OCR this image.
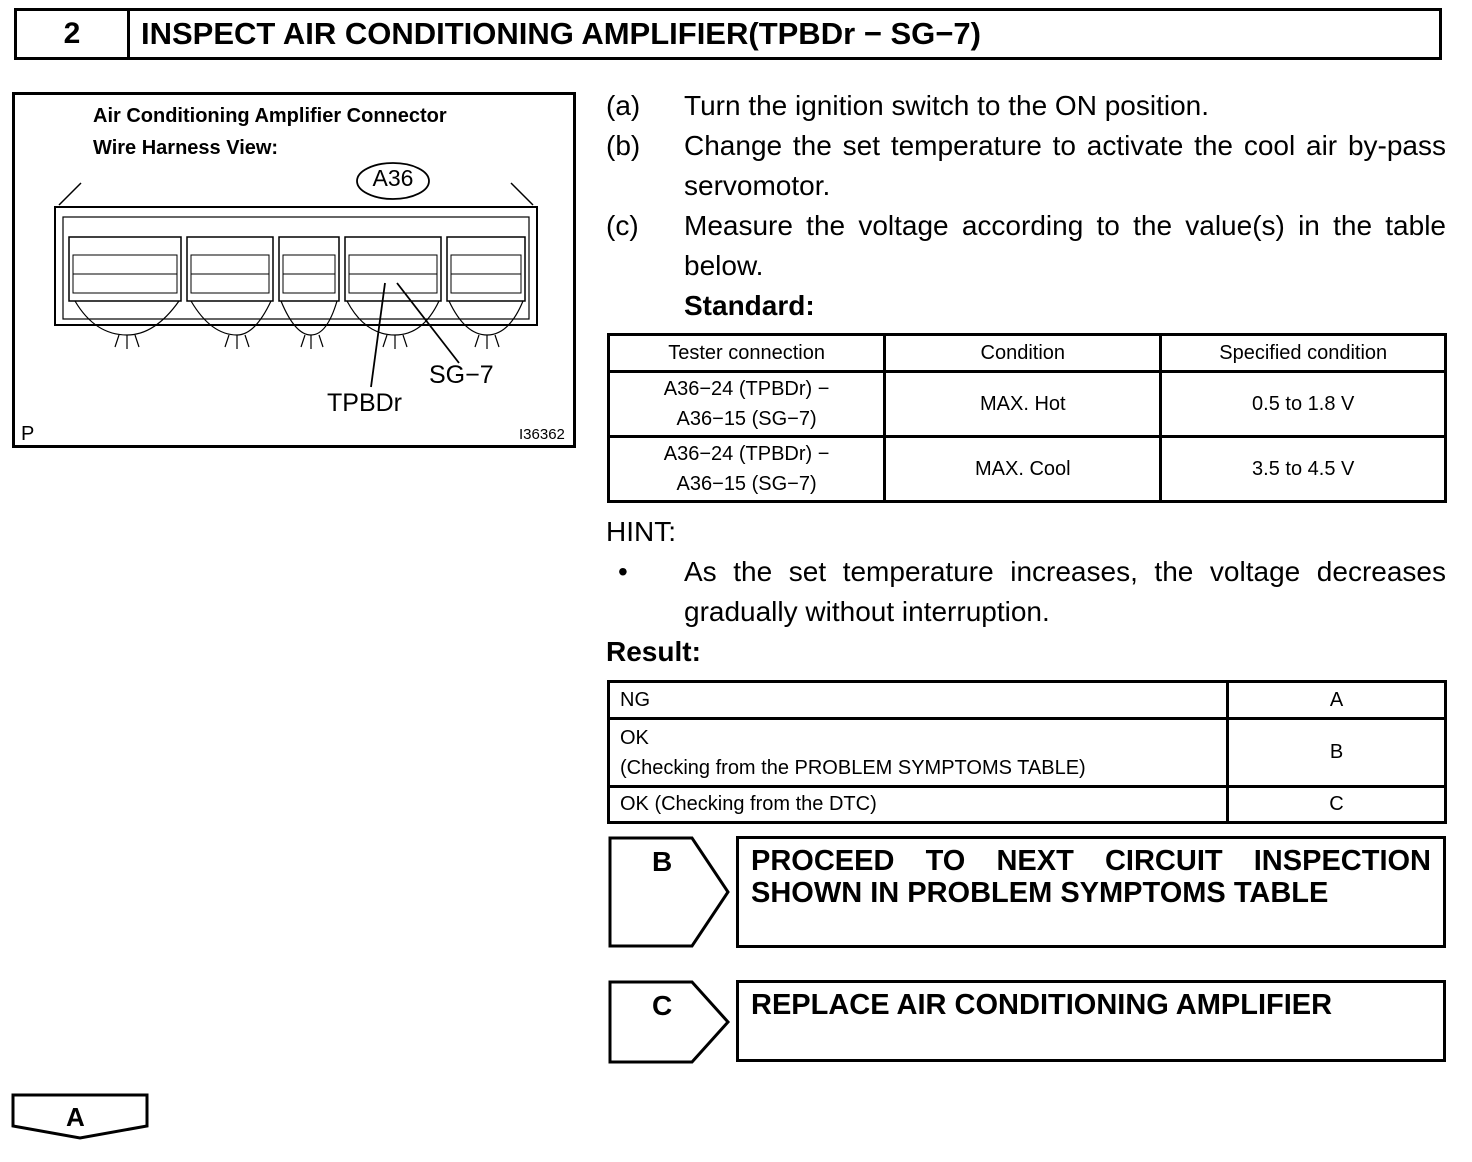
2	INSPECT AIR CONDITIONING AMPLIFIER(TPBDr − SG−7)
Air Conditioning Amplifier Connector
Wire Harness View:
A36
SG−7
TPBDr
P	I36362
(a) Turn the ignition switch to the ON position.
(b) Change the set temperature to activate the cool air by-pass servomotor.
(c) Measure the voltage according to the value(s) in the table below.
Standard:
Tester connection	Condition	Specified condition

A36−24 (TPBDr) −
A36−15 (SG−7)	MAX. Hot	0.5 to 1.8 V

A36−24 (TPBDr) −
A36−15 (SG−7)	MAX. Cool	3.5 to 4.5 V
HINT:
• As the set temperature increases, the voltage decreases gradually without interruption.
Result:
NG	A

OK
(Checking from the PROBLEM SYMPTOMS TABLE)	B
OK (Checking from the DTC)	C
B	PROCEED TO NEXT CIRCUIT INSPECTION SHOWN IN PROBLEM SYMPTOMS TABLE
C	REPLACE AIR CONDITIONING AMPLIFIER
A
